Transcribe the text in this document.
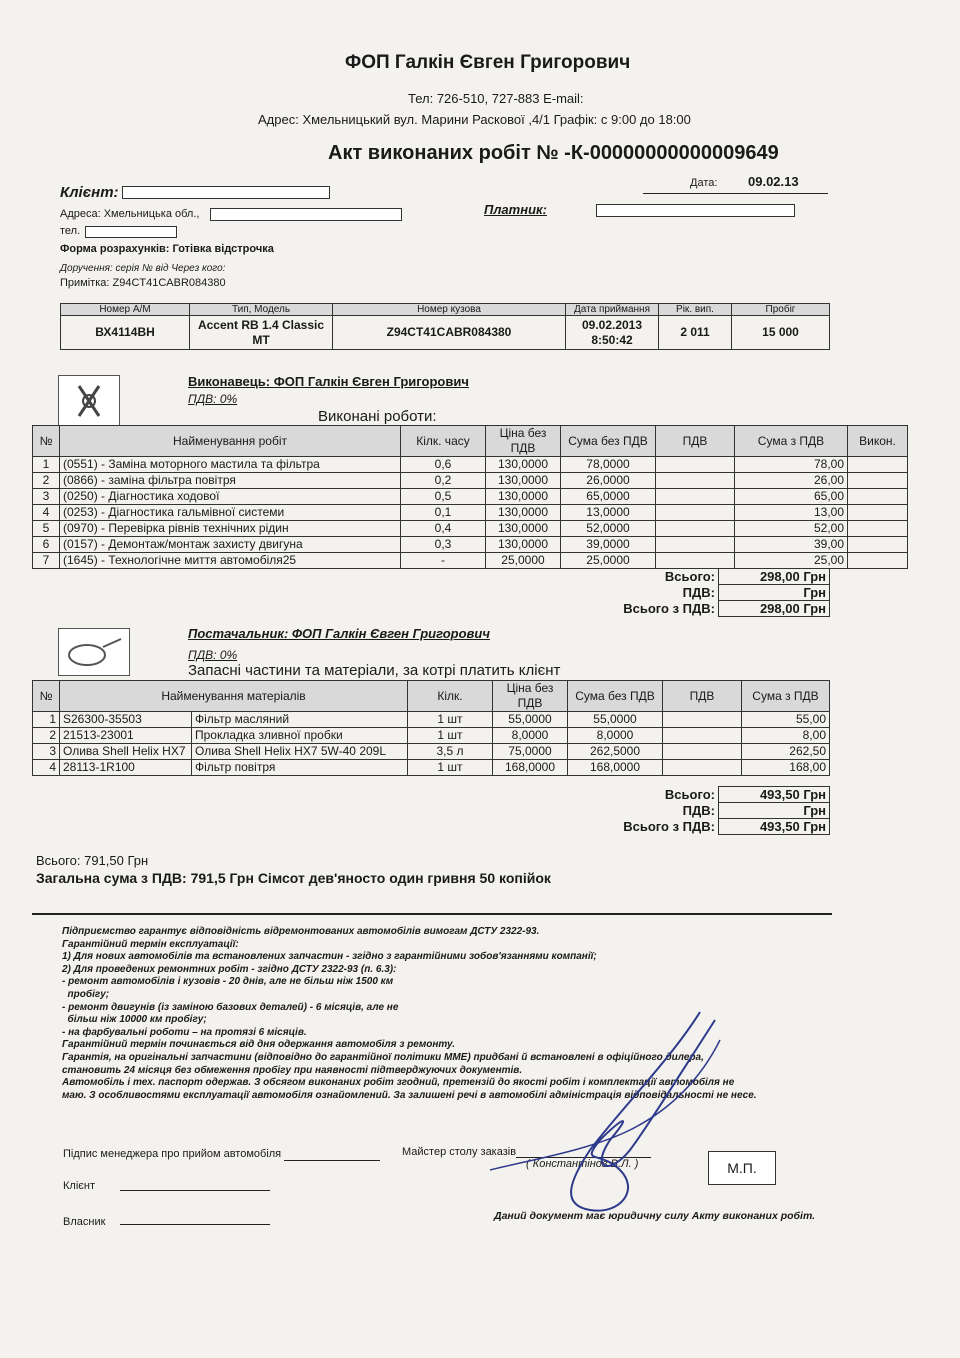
ФОП Галкін Євген Григорович
Тел: 726-510, 727-883 E-mail:
Адрес: Хмельницький вул. Марини Раскової ,4/1 Графік: с 9:00 до 18:00
Акт виконаних робіт № -К-00000000000009649
Дата: 09.02.13
Клієнт:
Адреса: Хмельницька обл.,
тел.
Платник:
Форма розрахунків: Готівка відстрочка
Доручення: серія № від Через кого:
Примітка: Z94CT41CABR084380
Номер А/М	Тип, Модель	Номер кузова	Дата приймання	Рік. вип.	Пробіг
ВХ4114ВН	Accent RB 1.4 Classic MT	Z94CT41CABR084380	09.02.2013 8:50:42	2 011	15 000
Виконавець: ФОП Галкін Євген Григорович
ПДВ: 0%
Виконані роботи:
№	Найменування робіт	Кілк. часу	Ціна без ПДВ	Сума без ПДВ	ПДВ	Сума з ПДВ	Викон.
1	(0551) - Заміна моторного мастила та фільтра	0,6	130,0000	78,0000		78,00	
2	(0866) - заміна фільтра повітря	0,2	130,0000	26,0000		26,00	
3	(0250) - Діагностика ходової	0,5	130,0000	65,0000		65,00	
4	(0253) - Діагностика гальмівної системи	0,1	130,0000	13,0000		13,00	
5	(0970) - Перевірка рівнів технічних рідин	0,4	130,0000	52,0000		52,00	
6	(0157) - Демонтаж/монтаж захисту двигуна	0,3	130,0000	39,0000		39,00	
7	(1645) - Технологічне миття автомобіля25	-	25,0000	25,0000		25,00	
Всього:	298,00 Грн
ПДВ:	Грн
Всього з ПДВ:	298,00 Грн
Постачальник: ФОП Галкін Євген Григорович
ПДВ: 0%
Запасні частини та матеріали, за котрі платить клієнт
№	Найменування матеріалів		Кілк.	Ціна без ПДВ	Сума без ПДВ	ПДВ	Сума з ПДВ
1	S26300-35503	Фільтр масляний	1 шт	55,0000	55,0000		55,00
2	21513-23001	Прокладка зливної пробки	1 шт	8,0000	8,0000		8,00
3	Олива Shell Helix HX7	Олива Shell Helix HX7 5W-40 209L	3,5 л	75,0000	262,5000		262,50
4	28113-1R100	Фільтр повітря	1 шт	168,0000	168,0000		168,00
Всього:	493,50 Грн
ПДВ:	Грн
Всього з ПДВ:	493,50 Грн
Всього: 791,50 Грн
Загальна сума з ПДВ: 791,5 Грн Сімсот дев'яносто один гривня 50 копійок
Підприємство гарантує відповідність відремонтованих автомобілів вимогам ДСТУ 2322-93.
Гарантійний термін експлуатації:
1) Для нових автомобілів та встановлених запчастин - згідно з гарантійними зобов'язаннями компанії;
2) Для проведених ремонтних робіт - згідно ДСТУ 2322-93 (п. 6.3):
- ремонт автомобілів і кузовів - 20 днів, але не більш ніж 1500 км
пробігу;
- ремонт двигунів (із заміною базових деталей) - 6 місяців, але не
більш ніж 10000 км пробігу;
- на фарбувальні роботи – на протязі 6 місяців.
Гарантійний термін починається від дня одержання автомобіля з ремонту.
Гарантія, на оригінальні запчастини (відповідно до гарантійної політики ММЕ) придбані й встановлені в офіційного дилера,
становить 24 місяця без обмеження пробігу при наявності підтверджуючих документів.
Автомобіль і тех. паспорт одержав. З обсягом виконаних робіт згодний, претензій до якості робіт і комплектації автомобіля не
маю. З особливостями експлуатації автомобіля ознайомлений. За залишені речі в автомобілі адміністрація відповідальності не несе.
Підпис менеджера про прийом автомобіля	Майстер столу заказів
( Константінов В.Л. )	М.П.
Клієнт
Власник	Даний документ має юридичну силу Акту виконаних робіт.
